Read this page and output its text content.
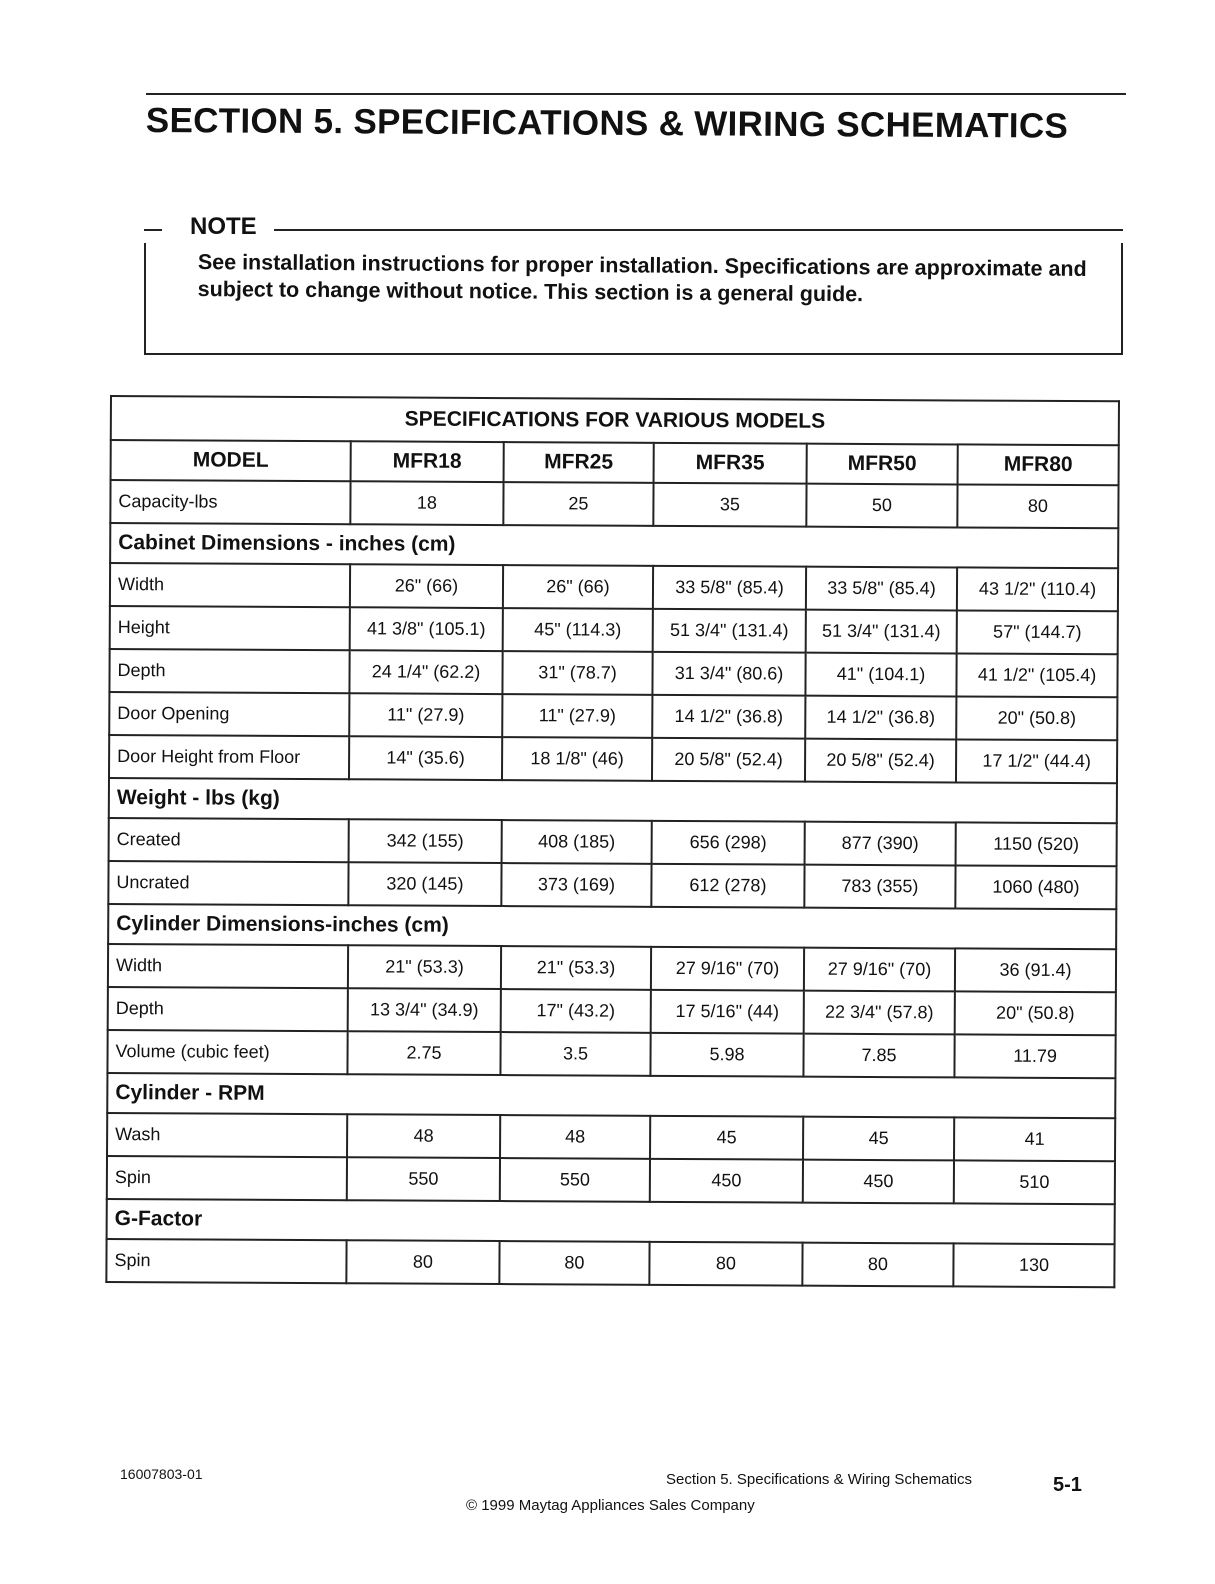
SECTION 5. SPECIFICATIONS & WIRING SCHEMATICS
NOTE
See installation instructions for proper installation. Specifications are approximate and subject to change without notice. This section is a general guide.
SPECIFICATIONS FOR VARIOUS MODELS					
MODEL	MFR18	MFR25	MFR35	MFR50	MFR80
Capacity-lbs	18	25	35	50	80
Cabinet Dimensions - inches (cm)					
Width	26" (66)	26" (66)	33 5/8" (85.4)	33 5/8" (85.4)	43 1/2" (110.4)
Height	41 3/8" (105.1)	45" (114.3)	51 3/4" (131.4)	51 3/4" (131.4)	57" (144.7)
Depth	24 1/4" (62.2)	31" (78.7)	31 3/4" (80.6)	41" (104.1)	41 1/2" (105.4)
Door Opening	11" (27.9)	11" (27.9)	14 1/2" (36.8)	14 1/2" (36.8)	20" (50.8)
Door Height from Floor	14" (35.6)	18 1/8" (46)	20 5/8" (52.4)	20 5/8" (52.4)	17 1/2" (44.4)
Weight - lbs (kg)					
Created	342 (155)	408 (185)	656 (298)	877 (390)	1150 (520)
Uncrated	320 (145)	373 (169)	612 (278)	783 (355)	1060 (480)
Cylinder Dimensions-inches (cm)					
Width	21" (53.3)	21" (53.3)	27 9/16" (70)	27 9/16" (70)	36 (91.4)
Depth	13 3/4" (34.9)	17" (43.2)	17 5/16" (44)	22 3/4" (57.8)	20" (50.8)
Volume (cubic feet)	2.75	3.5	5.98	7.85	11.79
Cylinder - RPM					
Wash	48	48	45	45	41
Spin	550	550	450	450	510
G-Factor					
Spin	80	80	80	80	130
16007803-01	Section 5. Specifications & Wiring Schematics	5-1
© 1999 Maytag Appliances Sales Company
